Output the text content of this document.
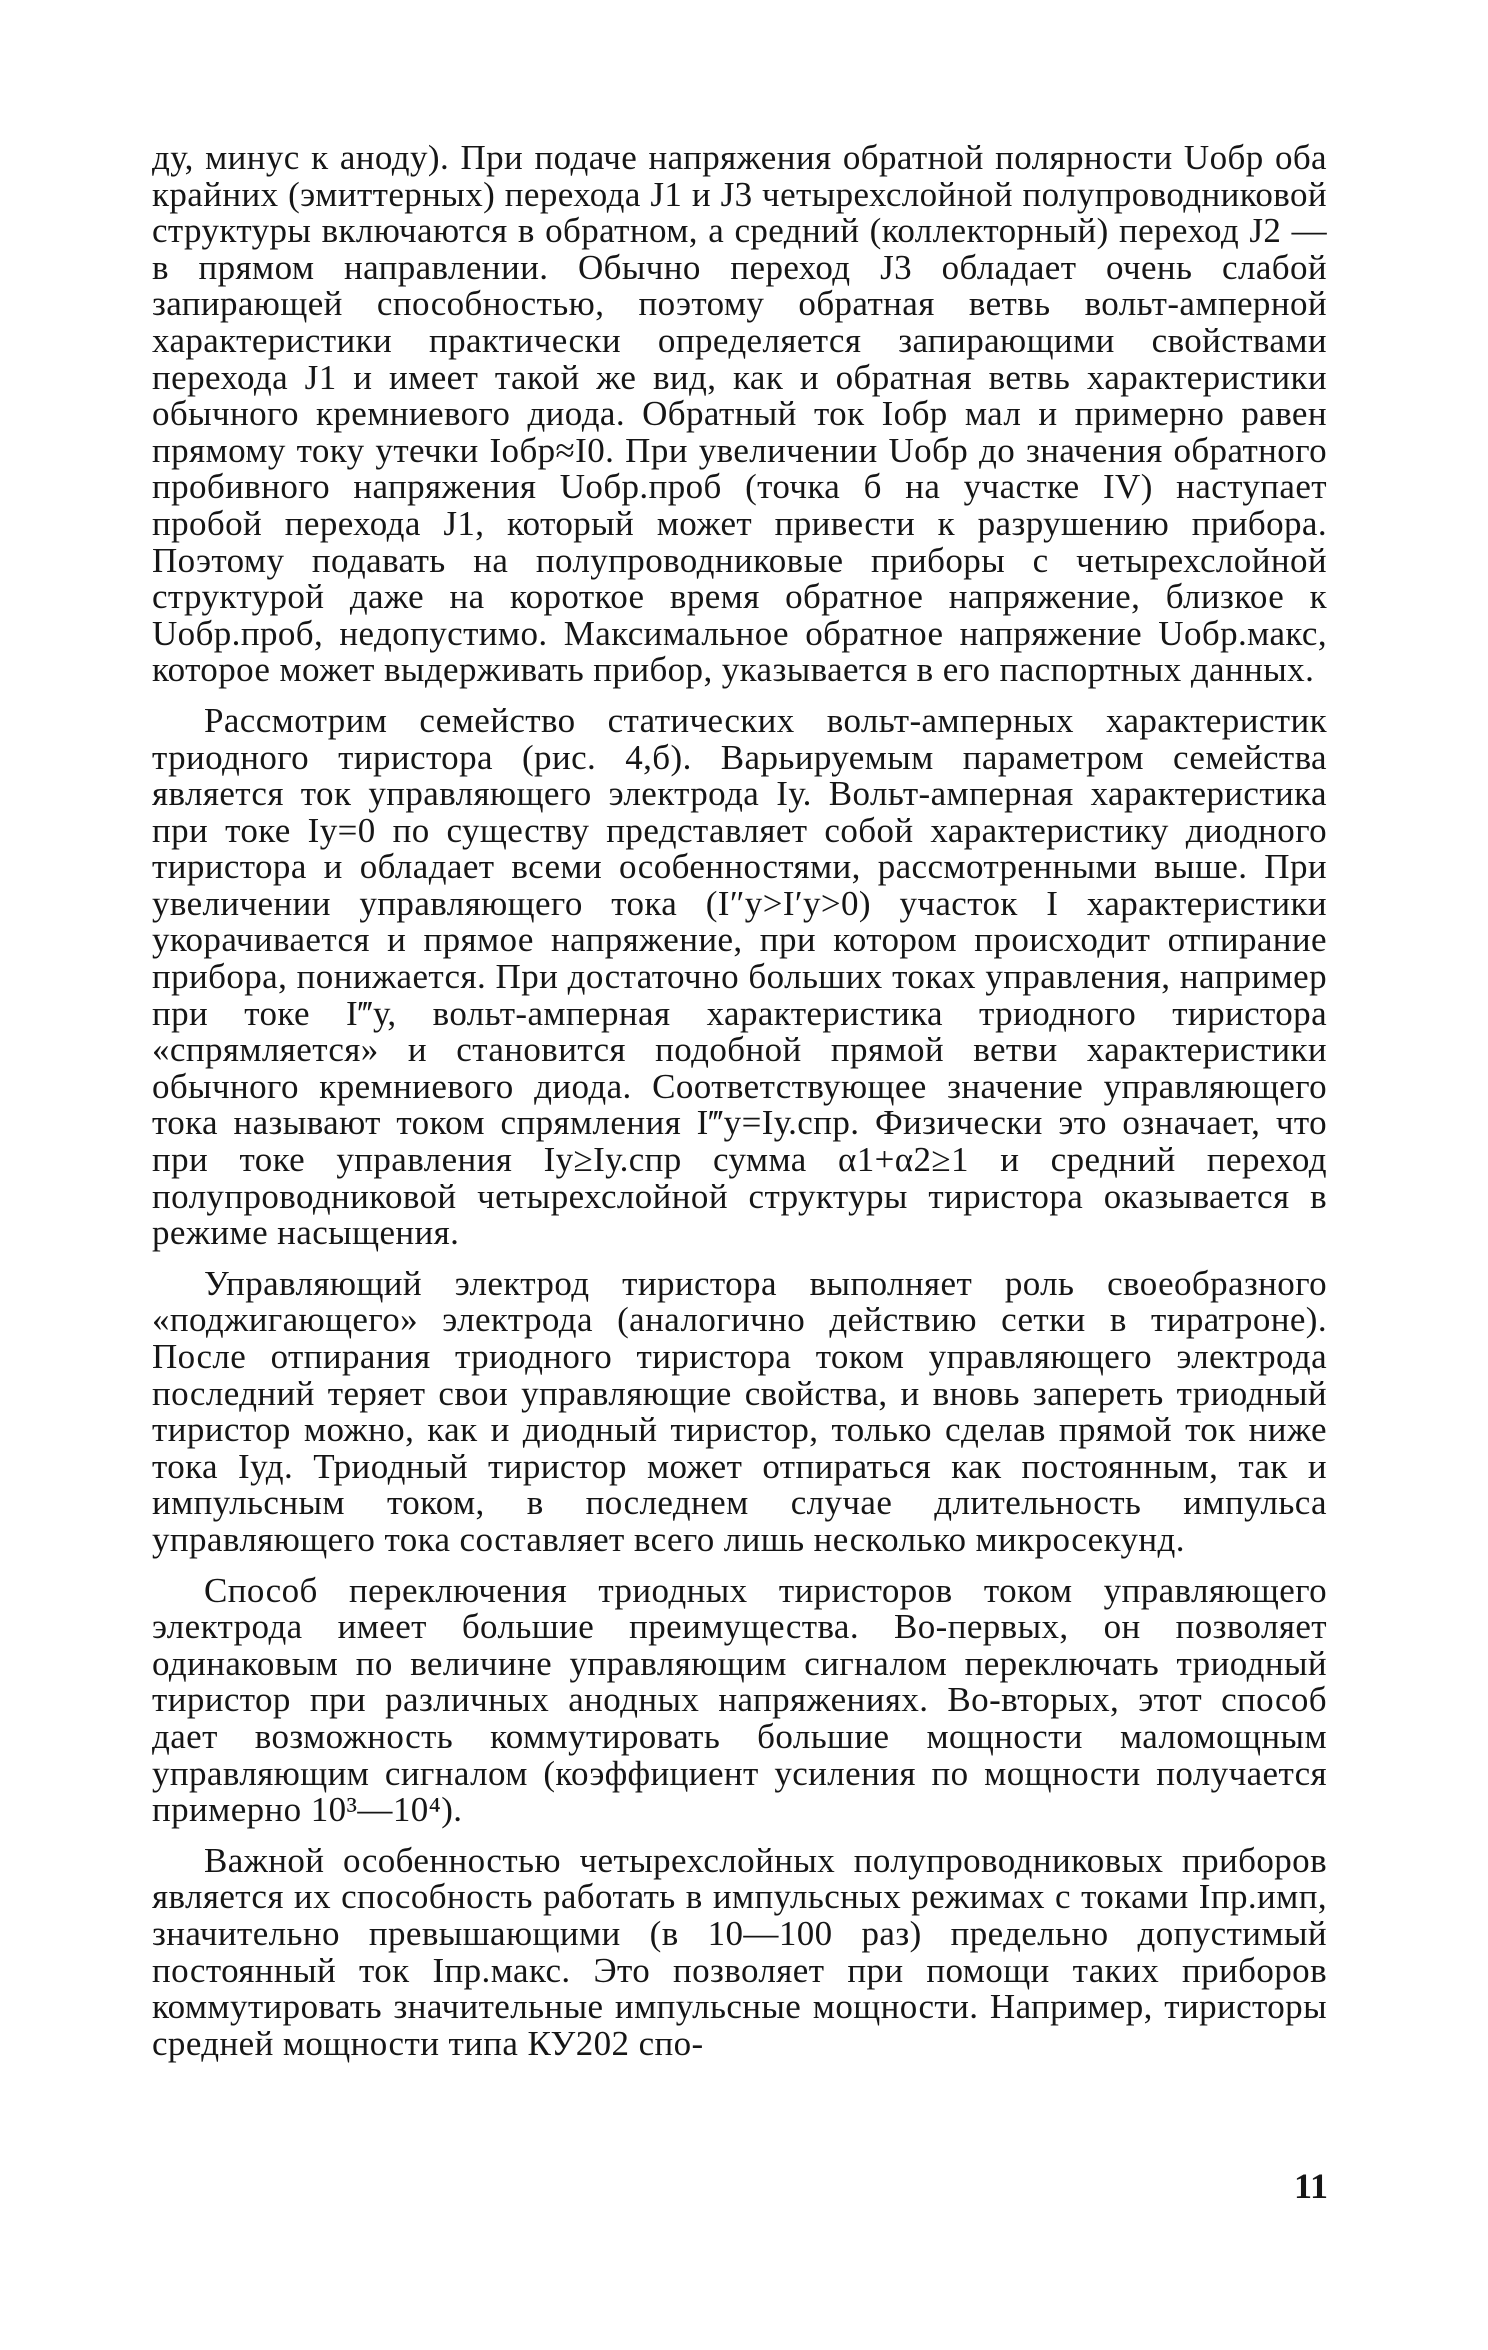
ду, минус к аноду). При подаче напряжения обратной полярности Uобр оба крайних (эмиттерных) перехода J1 и J3 четырехслойной полупроводниковой структуры включаются в обратном, а средний (коллекторный) переход J2 — в прямом направлении. Обычно переход J3 обладает очень слабой запирающей способностью, поэтому обратная ветвь вольт-амперной характеристики практически определяется запирающими свойствами перехода J1 и имеет такой же вид, как и обратная ветвь характеристики обычного кремниевого диода. Обратный ток Iобр мал и примерно равен прямому току утечки Iобр≈I0. При увеличении Uобр до значения обратного пробивного напряжения Uобр.проб (точка б на участке IV) наступает пробой перехода J1, который может привести к разрушению прибора. Поэтому подавать на полупроводниковые приборы с четырехслойной структурой даже на короткое время обратное напряжение, близкое к Uобр.проб, недопустимо. Максимальное обратное напряжение Uобр.макс, которое может выдерживать прибор, указывается в его паспортных данных.

Рассмотрим семейство статических вольт-амперных характеристик триодного тиристора (рис. 4,б). Варьируемым параметром семейства является ток управляющего электрода Iу. Вольт-амперная характеристика при токе Iу=0 по существу представляет собой характеристику диодного тиристора и обладает всеми особенностями, рассмотренными выше. При увеличении управляющего тока (I″у>I′у>0) участок I характеристики укорачивается и прямое напряжение, при котором происходит отпирание прибора, понижается. При достаточно больших токах управления, например при токе I‴у, вольт-амперная характеристика триодного тиристора «спрямляется» и становится подобной прямой ветви характеристики обычного кремниевого диода. Соответствующее значение управляющего тока называют током спрямления I‴у=Iу.спр. Физически это означает, что при токе управления Iу≥Iу.спр сумма α1+α2≥1 и средний переход полупроводниковой четырехслойной структуры тиристора оказывается в режиме насыщения.

Управляющий электрод тиристора выполняет роль своеобразного «поджигающего» электрода (аналогично действию сетки в тиратроне). После отпирания триодного тиристора током управляющего электрода последний теряет свои управляющие свойства, и вновь запереть триодный тиристор можно, как и диодный тиристор, только сделав прямой ток ниже тока Iуд. Триодный тиристор может отпираться как постоянным, так и импульсным током, в последнем случае длительность импульса управляющего тока составляет всего лишь несколько микросекунд.

Способ переключения триодных тиристоров током управляющего электрода имеет большие преимущества. Во-первых, он позволяет одинаковым по величине управляющим сигналом переключать триодный тиристор при различных анодных напряжениях. Во-вторых, этот способ дает возможность коммутировать большие мощности маломощным управляющим сигналом (коэффициент усиления по мощности получается примерно 10³—10⁴).

Важной особенностью четырехслойных полупроводниковых приборов является их способность работать в импульсных режимах с токами Iпр.имп, значительно превышающими (в 10—100 раз) предельно допустимый постоянный ток Iпр.макс. Это позволяет при помощи таких приборов коммутировать значительные импульсные мощности. Например, тиристоры средней мощности типа КУ202 спо-

11
